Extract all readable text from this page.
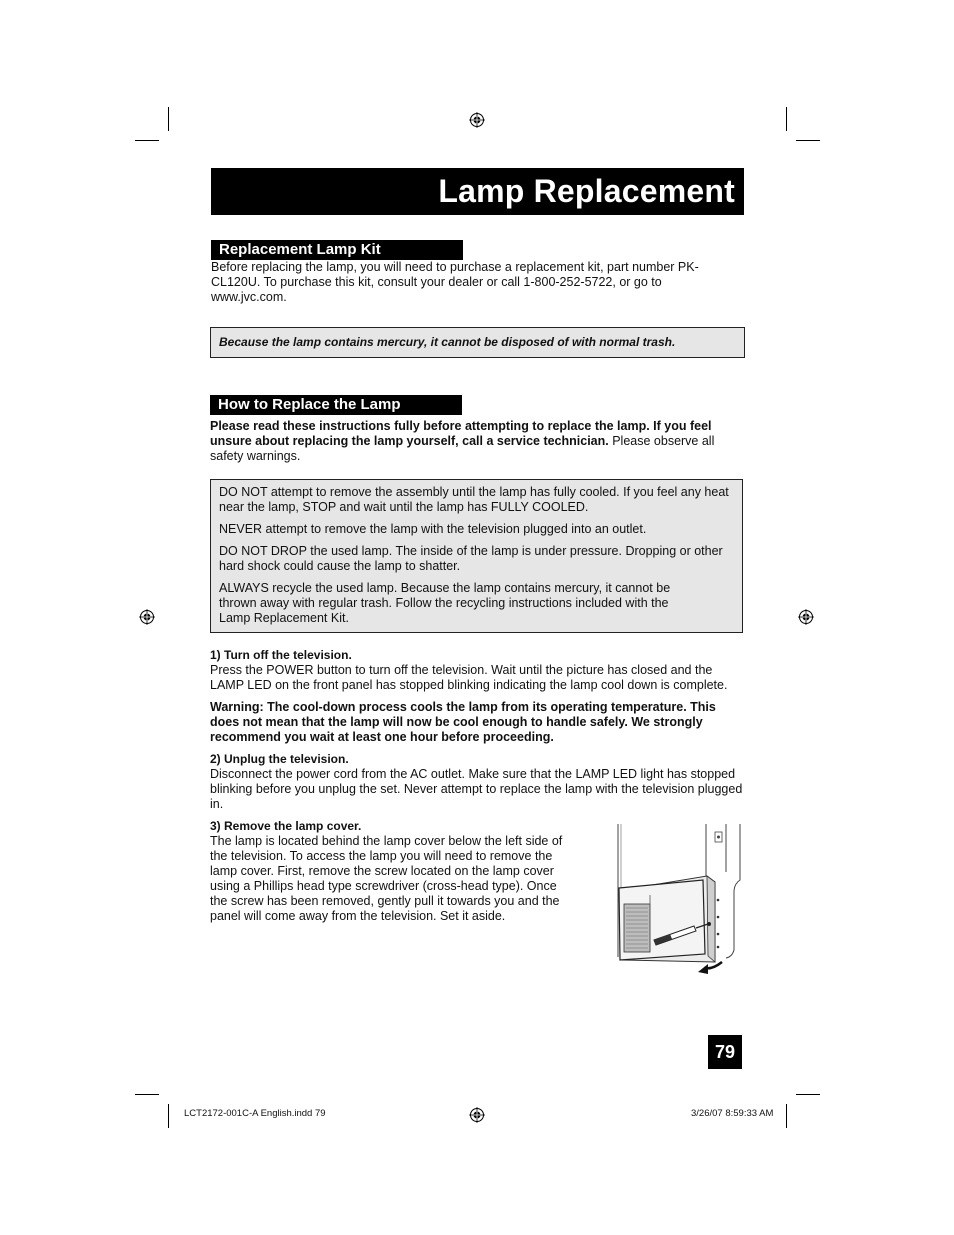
Lamp Replacement
Replacement Lamp Kit

Before replacing the lamp, you will need to purchase a replacement kit, part number PK-CL120U. To purchase this kit, consult your dealer or call 1-800-252-5722, or go to www.jvc.com.

Because the lamp contains mercury, it cannot be disposed of with normal trash.
How to Replace the Lamp

Please read these instructions fully before attempting to replace the lamp. If you feel unsure about replacing the lamp yourself, call a service technician. Please observe all safety warnings.

DO NOT attempt to remove the assembly until the lamp has fully cooled. If you feel any heat near the lamp, STOP and wait until the lamp has FULLY COOLED.

NEVER attempt to remove the lamp with the television plugged into an outlet.

DO NOT DROP the used lamp. The inside of the lamp is under pressure. Dropping or other hard shock could cause the lamp to shatter.

ALWAYS recycle the used lamp. Because the lamp contains mercury, it cannot be thrown away with regular trash. Follow the recycling instructions included with the Lamp Replacement Kit.

1) Turn off the television.

Press the POWER button to turn off the television. Wait until the picture has closed and the LAMP LED on the front panel has stopped blinking indicating the lamp cool down is complete.

Warning: The cool-down process cools the lamp from its operating temperature. This does not mean that the lamp will now be cool enough to handle safely. We strongly recommend you wait at least one hour before proceeding.

2) Unplug the television.

Disconnect the power cord from the AC outlet. Make sure that the LAMP LED light has stopped blinking before you unplug the set. Never attempt to replace the lamp with the television plugged in.

3) Remove the lamp cover.

The lamp is located behind the lamp cover below the left side of the television. To access the lamp you will need to remove the lamp cover. First, remove the screw located on the lamp cover using a Phillips head type screwdriver (cross-head type). Once the screw has been removed, gently pull it towards you and the panel will come away from the television. Set it aside.

79
LCT2172-001C-A English.indd 79	3/26/07 8:59:33 AM
